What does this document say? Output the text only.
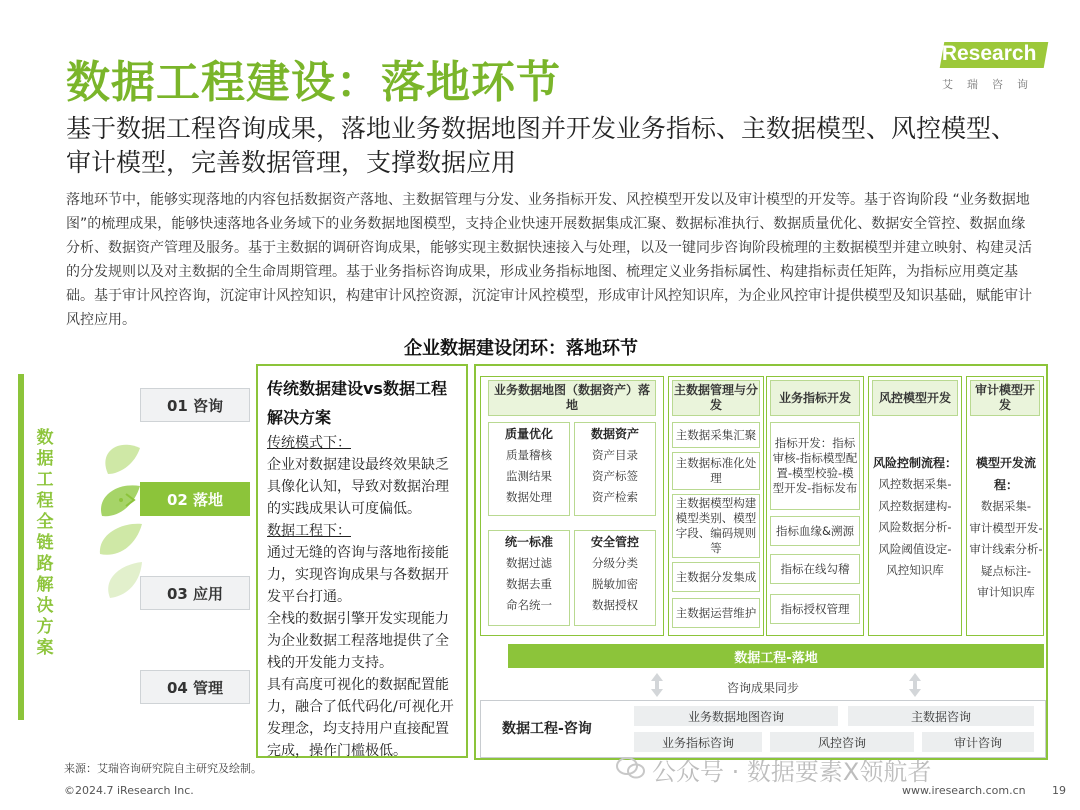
数据工程建设：落地环节
iResearch
艾瑞咨询
基于数据工程咨询成果，落地业务数据地图并开发业务指标、主数据模型、风控模型、审计模型，完善数据管理，支撑数据应用
落地环节中，能够实现落地的内容包括数据资产落地、主数据管理与分发、业务指标开发、风控模型开发以及审计模型的开发等。基于咨询阶段 “业务数据地图”的梳理成果，能够快速落地各业务域下的业务数据地图模型，支持企业快速开展数据集成汇聚、数据标准执行、数据质量优化、数据安全管控、数据血缘分析、数据资产管理及服务。基于主数据的调研咨询成果，能够实现主数据快速接入与处理，以及一键同步咨询阶段梳理的主数据模型并建立映射、构建灵活的分发规则以及对主数据的全生命周期管理。基于业务指标咨询成果，形成业务指标地图、梳理定义业务指标属性、构建指标责任矩阵，为指标应用奠定基础。基于审计风控咨询，沉淀审计风控知识，构建审计风控资源，沉淀审计风控模型，形成审计风控知识库，为企业风控审计提供模型及知识基础，赋能审计风控应用。
企业数据建设闭环：落地环节
数据工程全链路解决方案
01 咨询
02 落地
03 应用
04 管理
传统数据建设vs数据工程解决方案
传统模式下：
企业对数据建设最终效果缺乏具像化认知，导致对数据治理的实践成果认可度偏低。
数据工程下：
通过无缝的咨询与落地衔接能力，实现咨询成果与各数据开发平台打通。
全栈的数据引擎开发实现能力为企业数据工程落地提供了全栈的开发能力支持。
具有高度可视化的数据配置能力，融合了低代码化/可视化开发理念，均支持用户直接配置完成，操作门槛极低。
业务数据地图（数据资产）落地
质量优化
质量稽核
监测结果
数据处理
数据资产
资产目录
资产标签
资产检索
统一标准
数据过滤
数据去重
命名统一
安全管控
分级分类
脱敏加密
数据授权
主数据管理与分发
主数据采集汇聚
主数据标准化处理
主数据模型构建模型类别、模型字段、编码规则等
主数据分发集成
主数据运营维护
业务指标开发
指标开发：指标审核-指标模型配置-模型校验-模型开发-指标发布
指标血缘&溯源
指标在线勾稽
指标授权管理
风控模型开发
风险控制流程：
风控数据采集-
风控数据建构-
风险数据分析-
风险阈值设定-
风控知识库
审计模型开发
模型开发流程：
数据采集-
审计模型开发-
审计线索分析-
疑点标注-
审计知识库
数据工程-落地
咨询成果同步
数据工程-咨询
业务数据地图咨询	主数据咨询
业务指标咨询	风控咨询	审计咨询
来源：艾瑞咨询研究院自主研究及绘制。
©2024.7 iResearch Inc.
公众号 · 数据要素X领航者
www.iresearch.com.cn 19
